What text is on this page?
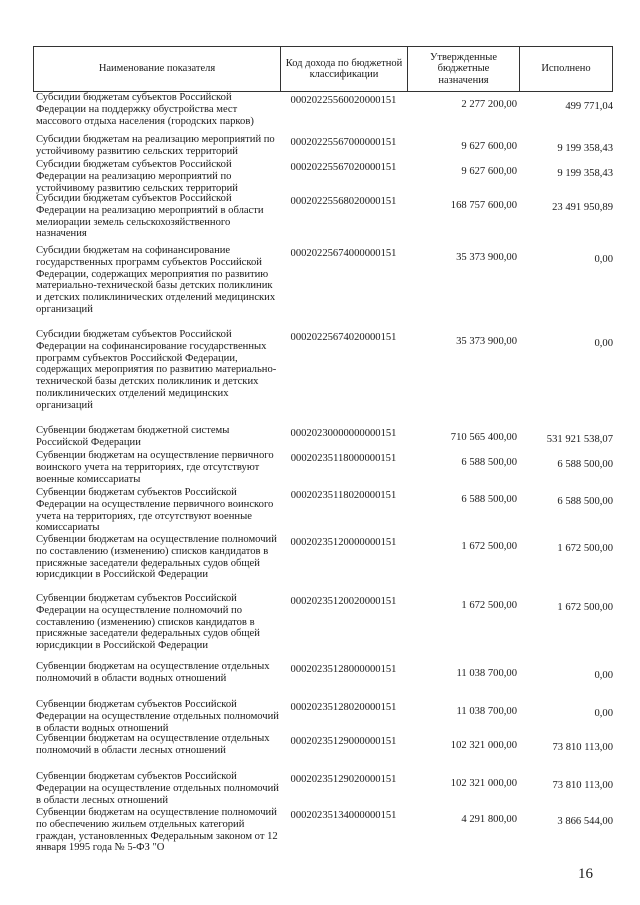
Наименование показателя
Код дохода по бюджетной классификации
Утвержденные бюджетные назначения
Исполнено
Субсидии бюджетам субъектов Российской Федерации на поддержку обустройства мест массового отдыха населения (городских парков)
00020225560020000151	2 277 200,00	499 771,04
Субсидии бюджетам на реализацию мероприятий по устойчивому развитию сельских территорий
00020225567000000151	9 627 600,00	9 199 358,43
Субсидии бюджетам субъектов Российской Федерации на реализацию мероприятий по устойчивому развитию сельских территорий
00020225567020000151	9 627 600,00	9 199 358,43
Субсидии бюджетам субъектов Российской Федерации на реализацию мероприятий в области мелиорации земель сельскохозяйственного назначения
00020225568020000151	168 757 600,00	23 491 950,89
Субсидии бюджетам на софинансирование государственных программ субъектов Российской Федерации, содержащих мероприятия по развитию материально-технической базы детских поликлиник и детских поликлинических отделений медицинских организаций
00020225674000000151	35 373 900,00	0,00
Субсидии бюджетам субъектов Российской Федерации на софинансирование государственных программ субъектов Российской Федерации, содержащих мероприятия по развитию материально-технической базы детских поликлиник и детских поликлинических отделений медицинских организаций
00020225674020000151	35 373 900,00	0,00
Субвенции бюджетам бюджетной системы Российской Федерации
00020230000000000151	710 565 400,00	531 921 538,07
Субвенции бюджетам на осуществление первичного воинского учета на территориях, где отсутствуют военные комиссариаты
00020235118000000151	6 588 500,00	6 588 500,00
Субвенции бюджетам субъектов Российской Федерации на осуществление первичного воинского учета на территориях, где отсутствуют военные комиссариаты
00020235118020000151	6 588 500,00	6 588 500,00
Субвенции бюджетам на осуществление полномочий по составлению (изменению) списков кандидатов в присяжные заседатели федеральных судов общей юрисдикции в Российской Федерации
00020235120000000151	1 672 500,00	1 672 500,00
Субвенции бюджетам субъектов Российской Федерации на осуществление полномочий по составлению (изменению) списков кандидатов в присяжные заседатели федеральных судов общей юрисдикции в Российской Федерации
00020235120020000151	1 672 500,00	1 672 500,00
Субвенции бюджетам на осуществление отдельных полномочий в области водных отношений
00020235128000000151	11 038 700,00	0,00
Субвенции бюджетам субъектов Российской Федерации на осуществление отдельных полномочий в области водных отношений
00020235128020000151	11 038 700,00	0,00
Субвенции бюджетам на осуществление отдельных полномочий в области лесных отношений
00020235129000000151	102 321 000,00	73 810 113,00
Субвенции бюджетам субъектов Российской Федерации на осуществление отдельных полномочий в области лесных отношений
00020235129020000151	102 321 000,00	73 810 113,00
Субвенции бюджетам на осуществление полномочий по обеспечению жильем отдельных категорий граждан, установленных Федеральным законом от 12 января 1995 года № 5-ФЗ "О
00020235134000000151	4 291 800,00	3 866 544,00
16
